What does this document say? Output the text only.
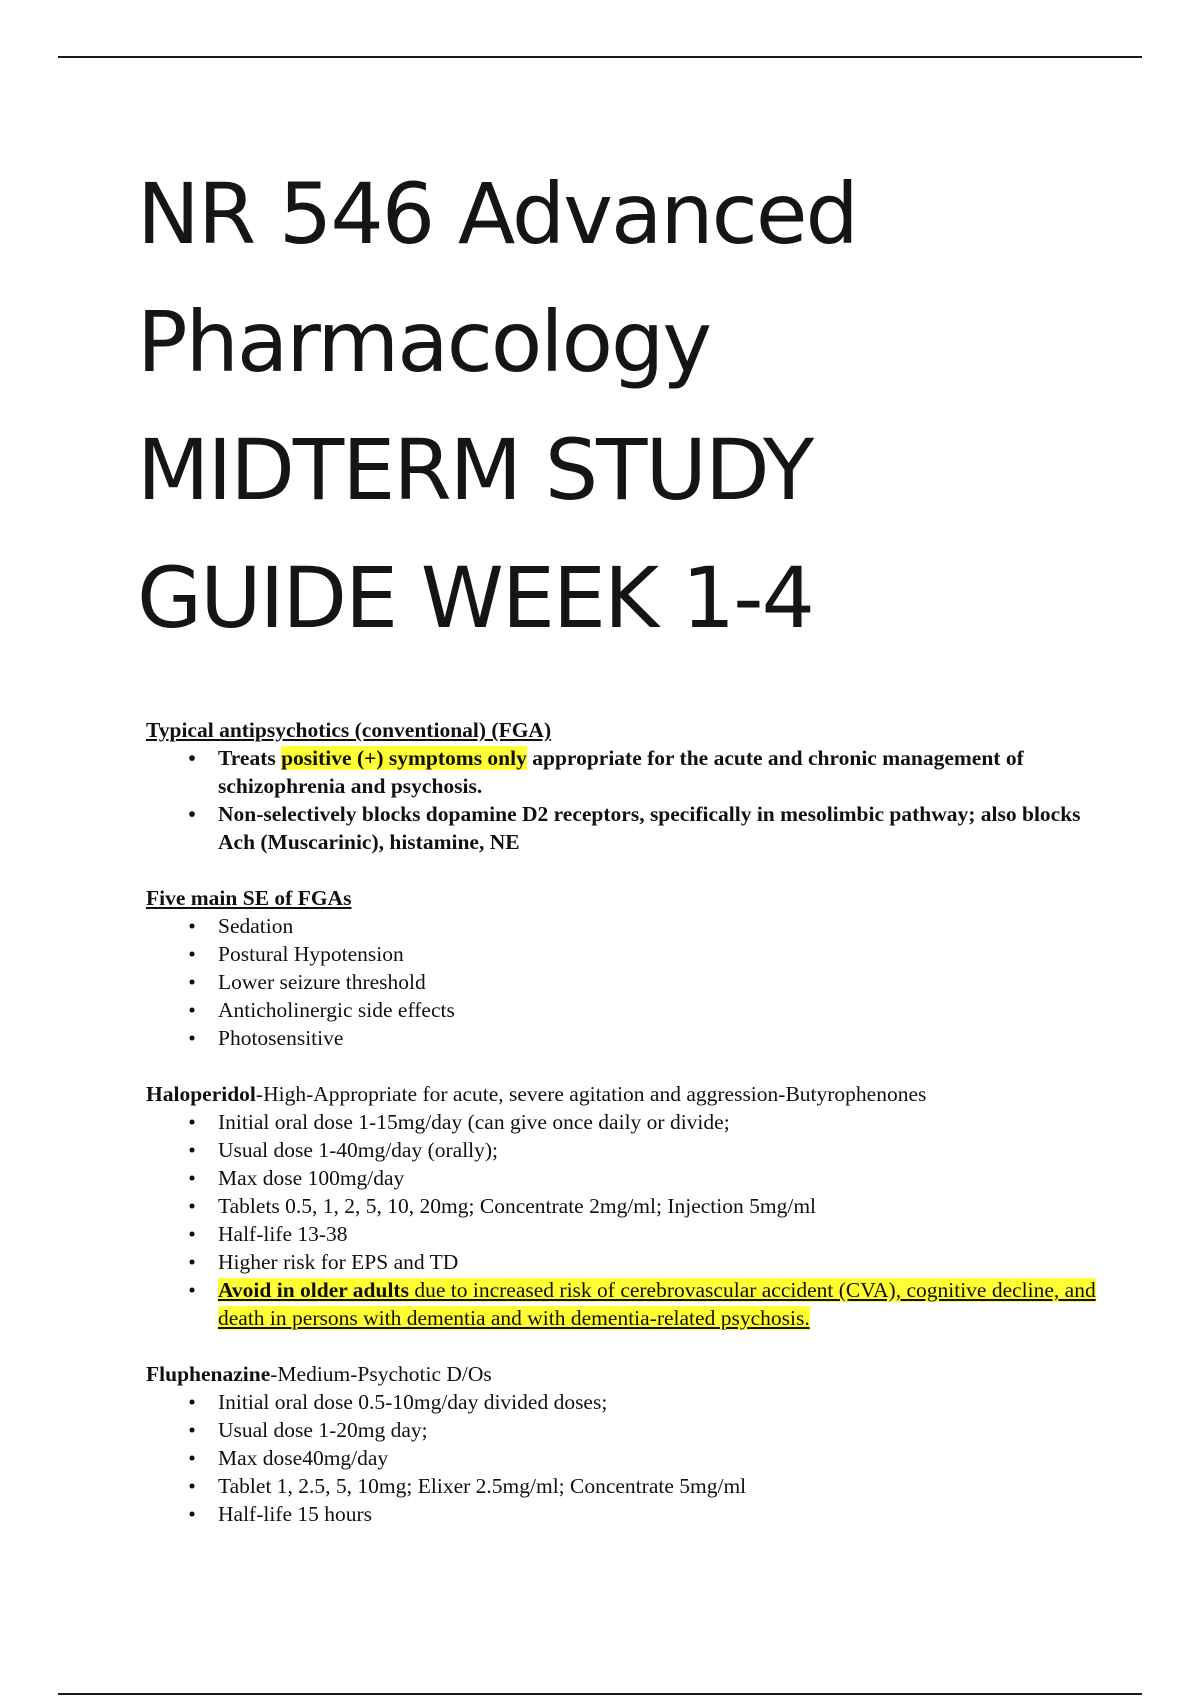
NR 546 Advanced
Pharmacology
MIDTERM STUDY
GUIDE WEEK 1-4

Typical antipsychotics (conventional) (FGA)

• Treats positive (+) symptoms only appropriate for the acute and chronic management of schizophrenia and psychosis.
• Non-selectively blocks dopamine D2 receptors, specifically in mesolimbic pathway; also blocks Ach (Muscarinic), histamine, NE

Five main SE of FGAs

• Sedation
• Postural Hypotension
• Lower seizure threshold
• Anticholinergic side effects
• Photosensitive

Haloperidol-High-Appropriate for acute, severe agitation and aggression-Butyrophenones

• Initial oral dose 1-15mg/day (can give once daily or divide;
• Usual dose 1-40mg/day (orally);
• Max dose 100mg/day
• Tablets 0.5, 1, 2, 5, 10, 20mg; Concentrate 2mg/ml; Injection 5mg/ml
• Half-life 13-38
• Higher risk for EPS and TD
• Avoid in older adults due to increased risk of cerebrovascular accident (CVA), cognitive decline, and death in persons with dementia and with dementia-related psychosis.

Fluphenazine-Medium-Psychotic D/Os

• Initial oral dose 0.5-10mg/day divided doses;
• Usual dose 1-20mg day;
• Max dose40mg/day
• Tablet 1, 2.5, 5, 10mg; Elixer 2.5mg/ml; Concentrate 5mg/ml
• Half-life 15 hours
